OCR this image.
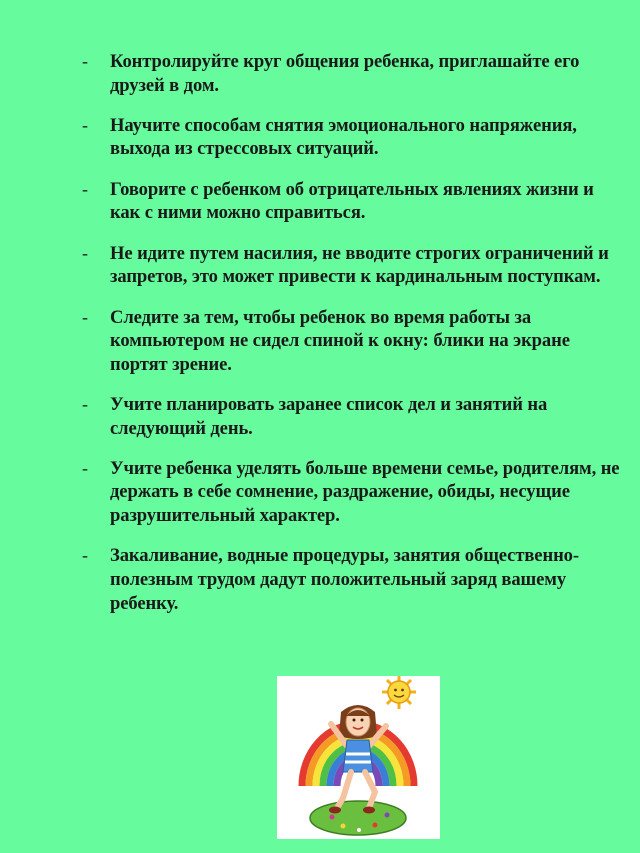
- Контролируйте круг общения ребенка, приглашайте его друзей в дом.
- Научите способам снятия эмоционального напряжения, выхода из стрессовых ситуаций.
- Говорите с ребенком об отрицательных явлениях жизни и как с ними можно справиться.
- Не идите путем насилия, не вводите строгих ограничений и запретов, это может привести к кардинальным поступкам.
- Следите за тем, чтобы ребенок во время работы за компьютером не сидел спиной к окну: блики на экране портят зрение.
- Учите планировать заранее список дел и занятий на следующий день.
- Учите ребенка уделять больше времени семье, родителям, не держать в себе сомнение, раздражение, обиды, несущие разрушительный характер.
- Закаливание, водные процедуры, занятия общественно-полезным трудом дадут положительный заряд вашему ребенку.
